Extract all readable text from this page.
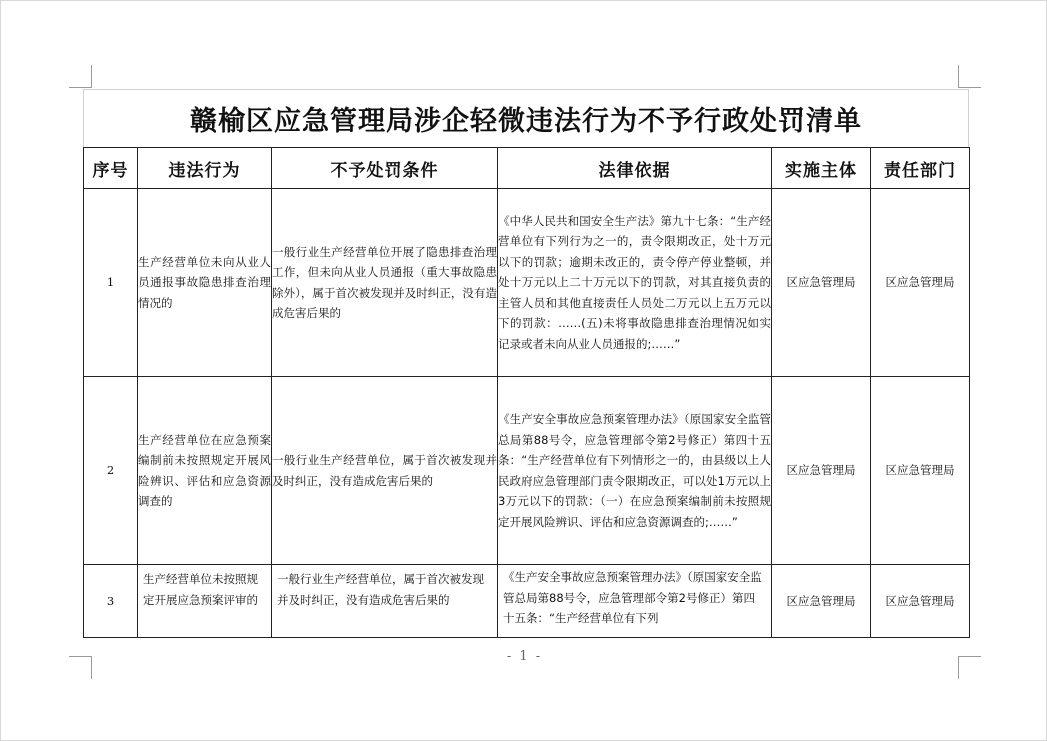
赣榆区应急管理局涉企轻微违法行为不予行政处罚清单
序号	违法行为	不予处罚条件	法律依据	实施主体	责任部门
1	生产经营单位未向从业人员通报事故隐患排查治理情况的	一般行业生产经营单位开展了隐患排查治理工作，但未向从业人员通报（重大事故隐患除外），属于首次被发现并及时纠正，没有造成危害后果的	《中华人民共和国安全生产法》第九十七条：“生产经营单位有下列行为之一的，责令限期改正，处十万元以下的罚款；逾期未改正的，责令停产停业整顿，并处十万元以上二十万元以下的罚款，对其直接负责的主管人员和其他直接责任人员处二万元以上五万元以下的罚款：……(五)未将事故隐患排查治理情况如实记录或者未向从业人员通报的;……”	区应急管理局	区应急管理局
2	生产经营单位在应急预案编制前未按照规定开展风险辨识、评估和应急资源调查的	一般行业生产经营单位，属于首次被发现并及时纠正，没有造成危害后果的	《生产安全事故应急预案管理办法》（原国家安全监管总局第88号令，应急管理部令第2号修正）第四十五条：“生产经营单位有下列情形之一的，由县级以上人民政府应急管理部门责令限期改正，可以处1万元以上3万元以下的罚款：（一）在应急预案编制前未按照规定开展风险辨识、评估和应急资源调查的;……”	区应急管理局	区应急管理局
3	生产经营单位未按照规定开展应急预案评审的	一般行业生产经营单位，属于首次被发现并及时纠正，没有造成危害后果的	《生产安全事故应急预案管理办法》（原国家安全监管总局第88号令，应急管理部令第2号修正）第四十五条：“生产经营单位有下列	区应急管理局	区应急管理局
- 1 -
